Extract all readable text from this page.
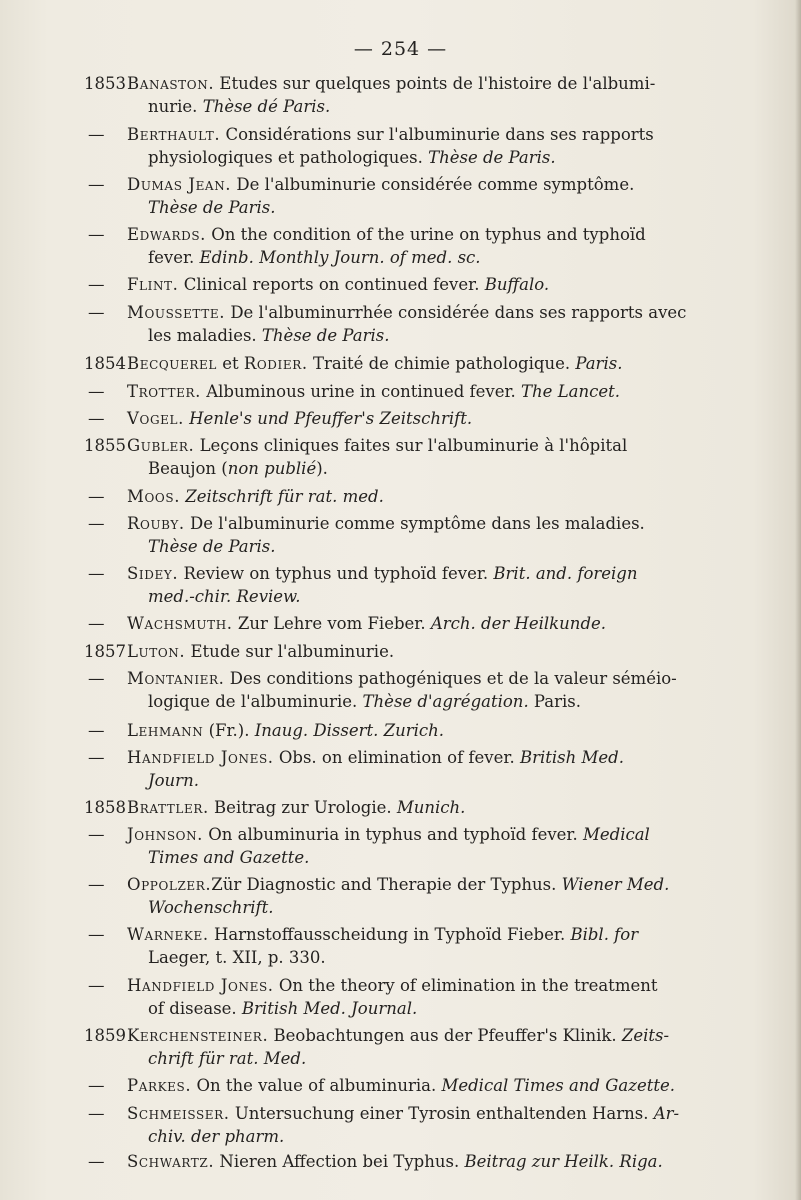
— 254 —
1853 Banaston. Etudes sur quelques points de l'histoire de l'albumi-
nurie. Thèse dé Paris.
—	Berthault. Considérations sur l'albuminurie dans ses rapports
physiologiques et pathologiques. Thèse de Paris.
—	Dumas Jean. De l'albuminurie considérée comme symptôme.
Thèse de Paris.
—	Edwards. On the condition of the urine on typhus and typhoïd
fever. Edinb. Monthly Journ. of med. sc.
—	Flint. Clinical reports on continued fever. Buffalo.
—	Moussette. De l'albuminurrhée considérée dans ses rapports avec
les maladies. Thèse de Paris.
1854 Becquerel et Rodier. Traité de chimie pathologique. Paris.
—	Trotter. Albuminous urine in continued fever. The Lancet.
—	Vogel. Henle's und Pfeuffer's Zeitschrift.
1855 Gubler. Leçons cliniques faites sur l'albuminurie à l'hôpital
Beaujon (non publié).
—	Moos. Zeitschrift für rat. med.
—	Rouby. De l'albuminurie comme symptôme dans les maladies.
Thèse de Paris.
—	Sidey. Review on typhus und typhoïd fever. Brit. and. foreign
med.-chir. Review.
—	Wachsmuth. Zur Lehre vom Fieber. Arch. der Heilkunde.
1857 Luton. Etude sur l'albuminurie.
—	Montanier. Des conditions pathogéniques et de la valeur séméio-
logique de l'albuminurie. Thèse d'agrégation. Paris.
—	Lehmann (Fr.). Inaug. Dissert. Zurich.
—	Handfield Jones. Obs. on elimination of fever. British Med.
Journ.
1858 Brattler. Beitrag zur Urologie. Munich.
—	Johnson. On albuminuria in typhus and typhoïd fever. Medical
Times and Gazette.
—	Oppolzer.Zür Diagnostic and Therapie der Typhus. Wiener Med.
Wochenschrift.
—	Warneke. Harnstoffausscheidung in Typhoïd Fieber. Bibl. for
Laeger, t. XII, p. 330.
—	Handfield Jones. On the theory of elimination in the treatment
of disease. British Med. Journal.
1859 Kerchensteiner. Beobachtungen aus der Pfeuffer's Klinik. Zeits-
chrift für rat. Med.
—	Parkes. On the value of albuminuria. Medical Times and Gazette.
—	Schmeisser. Untersuchung einer Tyrosin enthaltenden Harns. Ar-
chiv. der pharm.
—	Schwartz. Nieren Affection bei Typhus. Beitrag zur Heilk. Riga.
